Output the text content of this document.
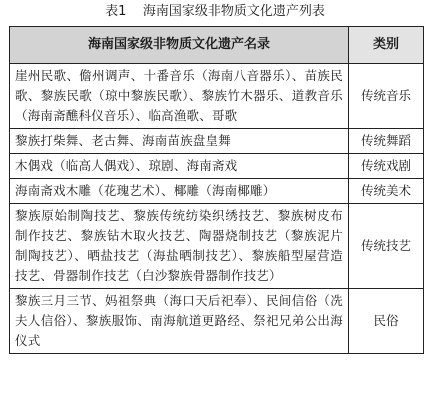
表1 海南国家级非物质文化遗产列表
海南国家级非物质文化遗产名录	类别
崖州民歌、儋州调声、十番音乐（海南八音器乐）、苗族民歌、黎族民歌（琼中黎族民歌）、黎族竹木器乐、道教音乐（海南斋醮科仪音乐）、临高渔歌、哥歌	传统音乐
黎族打柴舞、老古舞、海南苗族盘皇舞	传统舞蹈
木偶戏（临高人偶戏）、琼剧、海南斋戏	传统戏剧
海南斋戏木雕（花瑰艺术）、椰雕（海南椰雕）	传统美术
黎族原始制陶技艺、黎族传统纺染织绣技艺、黎族树皮布制作技艺、黎族钻木取火技艺、陶器烧制技艺（黎族泥片制陶技艺）、晒盐技艺（海盐晒制技艺）、黎族船型屋营造技艺、骨器制作技艺（白沙黎族骨器制作技艺）	传统技艺
黎族三月三节、妈祖祭典（海口天后祀奉）、民间信俗（冼夫人信俗）、黎族服饰、南海航道更路经、祭祀兄弟公出海仪式	民俗
